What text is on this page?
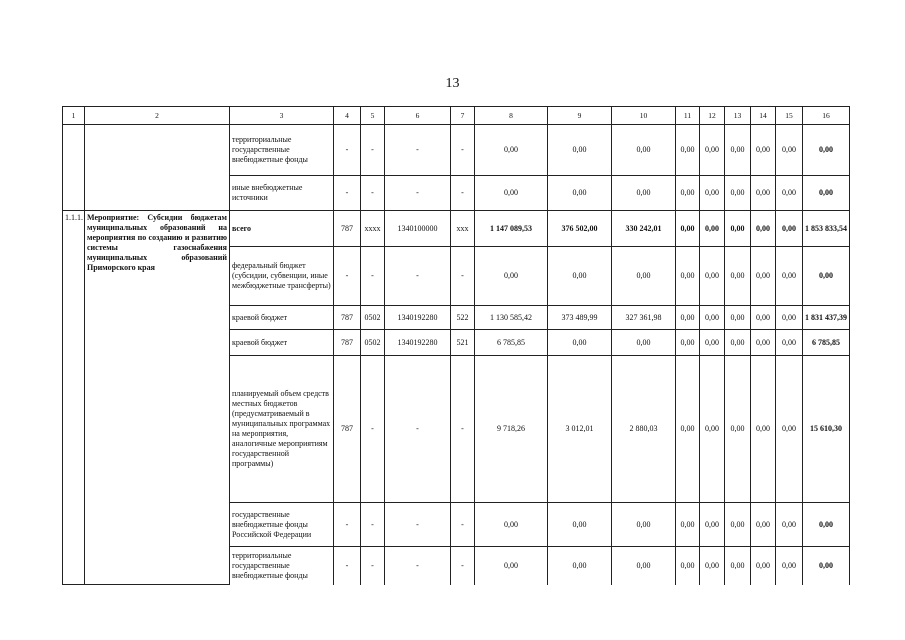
13
1	2	3	4	5	6	7	8	9	10	11	12	13	14	15	16
		территориальные государственные внебюджетные фонды	-	-	-	-	0,00	0,00	0,00	0,00	0,00	0,00	0,00	0,00	0,00
		иные внебюджетные источники	-	-	-	-	0,00	0,00	0,00	0,00	0,00	0,00	0,00	0,00	0,00
1.1.1.	Мероприятие: Субсидии бюджетам муниципальных образований на мероприятия по созданию и развитию системы газоснабжения муниципальных образований Приморского края	всего	787	хххх	1340100000	ххх	1 147 089,53	376 502,00	330 242,01	0,00	0,00	0,00	0,00	0,00	1 853 833,54
		федеральный бюджет (субсидии, субвенции, иные межбюджетные трансферты)	-	-	-	-	0,00	0,00	0,00	0,00	0,00	0,00	0,00	0,00	0,00
		краевой бюджет	787	0502	1340192280	522	1 130 585,42	373 489,99	327 361,98	0,00	0,00	0,00	0,00	0,00	1 831 437,39
		краевой бюджет	787	0502	1340192280	521	6 785,85	0,00	0,00	0,00	0,00	0,00	0,00	0,00	6 785,85
		планируемый объем средств местных бюджетов (предусматриваемый в муниципальных программах на мероприятия, аналогичные мероприятиям государственной программы)	787	-	-	-	9 718,26	3 012,01	2 880,03	0,00	0,00	0,00	0,00	0,00	15 610,30
		государственные внебюджетные фонды Российской Федерации	-	-	-	-	0,00	0,00	0,00	0,00	0,00	0,00	0,00	0,00	0,00
		территориальные государственные внебюджетные фонды	-	-	-	-	0,00	0,00	0,00	0,00	0,00	0,00	0,00	0,00	0,00
